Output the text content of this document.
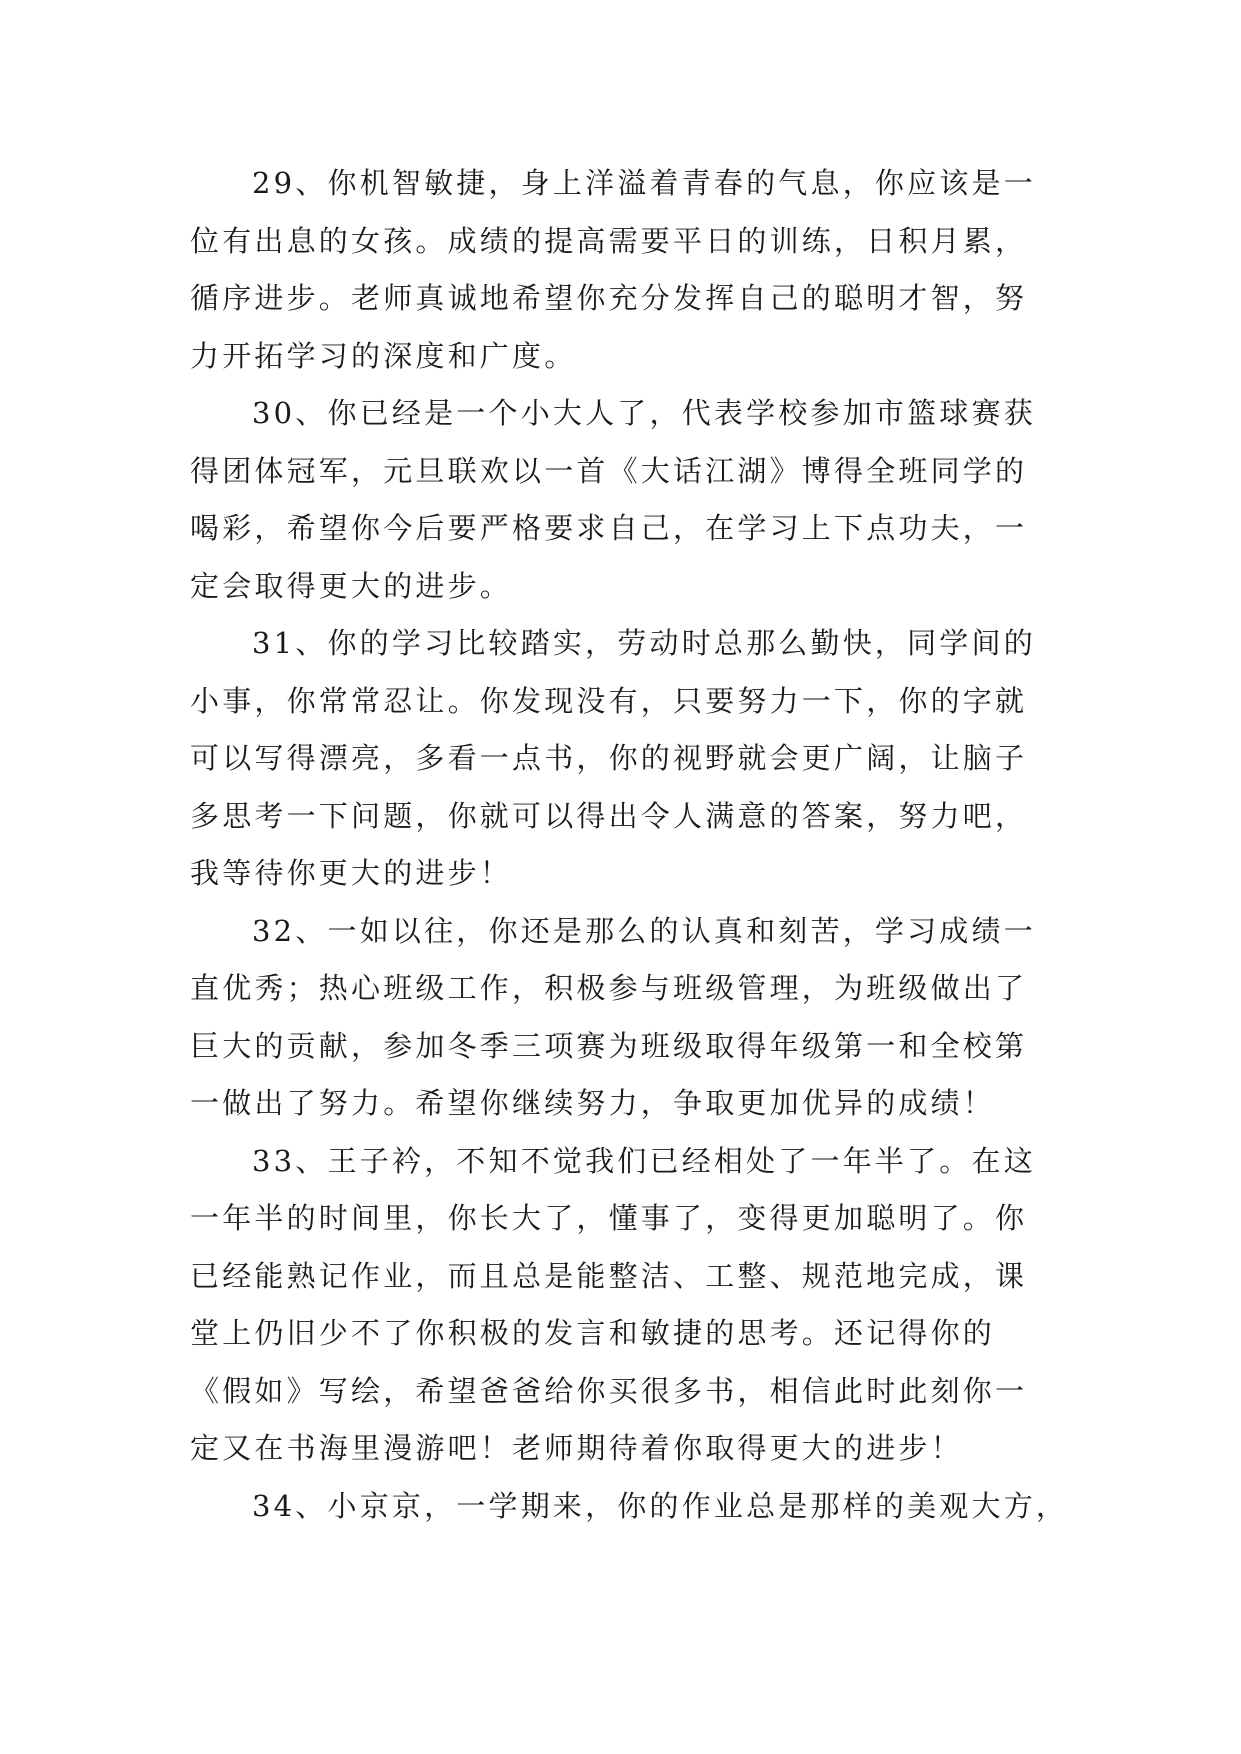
29、你机智敏捷，身上洋溢着青春的气息，你应该是一
位有出息的女孩。成绩的提高需要平日的训练，日积月累，
循序进步。老师真诚地希望你充分发挥自己的聪明才智，努
力开拓学习的深度和广度。
30、你已经是一个小大人了，代表学校参加市篮球赛获
得团体冠军，元旦联欢以一首《大话江湖》博得全班同学的
喝彩，希望你今后要严格要求自己，在学习上下点功夫，一
定会取得更大的进步。
31、你的学习比较踏实，劳动时总那么勤快，同学间的
小事，你常常忍让。你发现没有，只要努力一下，你的字就
可以写得漂亮，多看一点书，你的视野就会更广阔，让脑子
多思考一下问题，你就可以得出令人满意的答案，努力吧，
我等待你更大的进步！
32、一如以往，你还是那么的认真和刻苦，学习成绩一
直优秀；热心班级工作，积极参与班级管理，为班级做出了
巨大的贡献，参加冬季三项赛为班级取得年级第一和全校第
一做出了努力。希望你继续努力，争取更加优异的成绩！
33、王子衿，不知不觉我们已经相处了一年半了。在这
一年半的时间里，你长大了，懂事了，变得更加聪明了。你
已经能熟记作业，而且总是能整洁、工整、规范地完成，课
堂上仍旧少不了你积极的发言和敏捷的思考。还记得你的
《假如》写绘，希望爸爸给你买很多书，相信此时此刻你一
定又在书海里漫游吧！老师期待着你取得更大的进步！
34、小京京，一学期来，你的作业总是那样的美观大方，
